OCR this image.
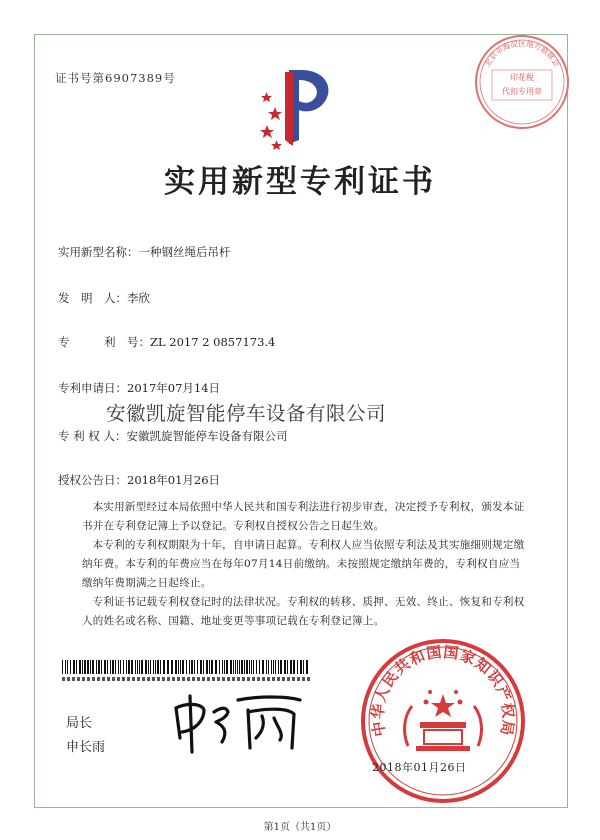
证书号第6907389号
北京市海淀区地方联席会
印花税
代扣专用章
实用新型专利证书
实用新型名称：一种钢丝绳后吊杆
发　明　人：李欣
专　　　利　号：ZL 2017 2 0857173.4
专利申请日：2017年07月14日
专 利 权 人：安徽凯旋智能停车设备有限公司
安徽凯旋智能停车设备有限公司
授权公告日：2018年01月26日

本实用新型经过本局依照中华人民共和国专利法进行初步审查，决定授予专利权，颁发本证书并在专利登记簿上予以登记。专利权自授权公告之日起生效。

本专利的专利权期限为十年，自申请日起算。专利权人应当依照专利法及其实施细则规定缴纳年费。本专利的年费应当在每年07月14日前缴纳。未按照规定缴纳年费的，专利权自应当缴纳年费期满之日起终止。

专利证书记载专利权登记时的法律状况。专利权的转移、质押、无效、终止、恢复和专利权人的姓名或名称、国籍、地址变更等事项记载在专利登记簿上。

局长
申长雨
中华人民共和国国家知识产权局
2018年01月26日
第1页（共1页）
